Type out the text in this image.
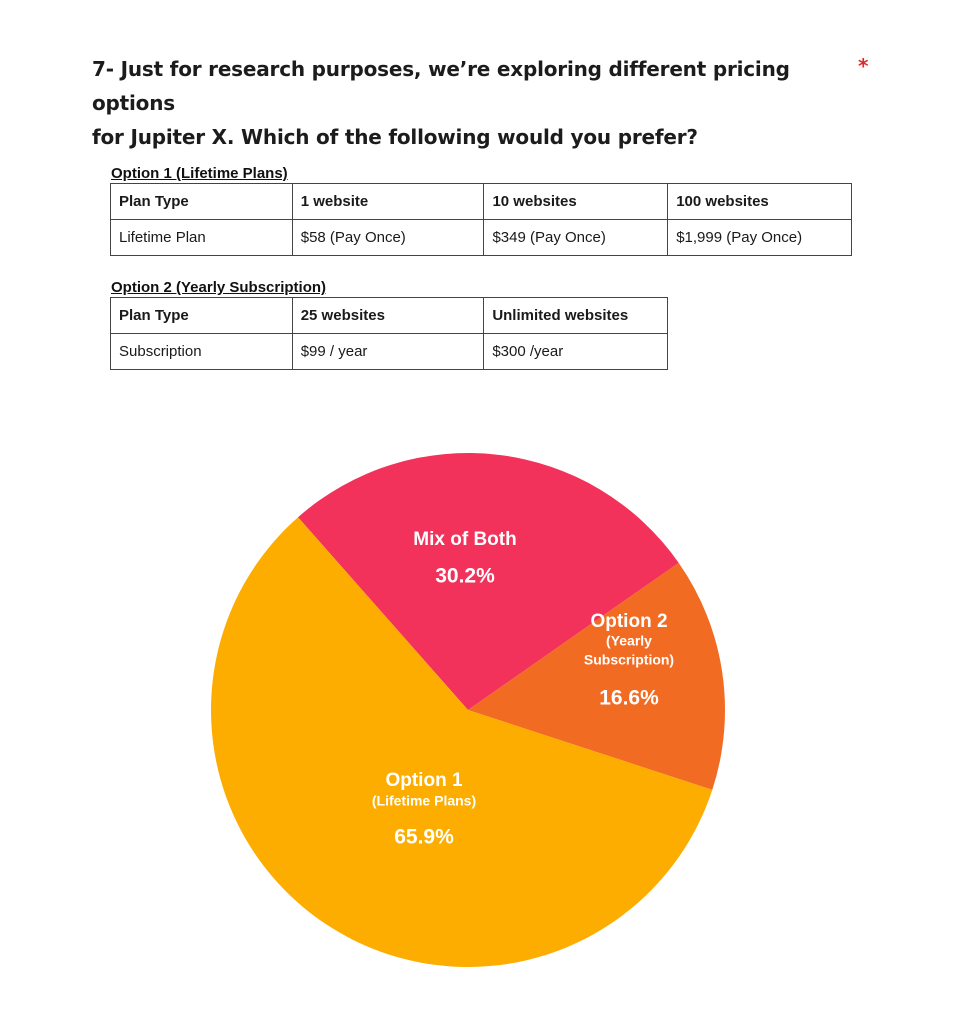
7- Just for research purposes, we’re exploring different pricing options
for Jupiter X. Which of the following would you prefer?
*
Option 1 (Lifetime Plans)
Plan Type	1 website	10 websites	100 websites
Lifetime Plan	$58 (Pay Once)	$349 (Pay Once)	$1,999 (Pay Once)
Option 2 (Yearly Subscription)
Plan Type	25 websites	Unlimited websites
Subscription	$99 / year	$300 /year
Mix of Both
30.2%
Option 2
(Yearly
Subscription)
16.6%
Option 1
(Lifetime Plans)
65.9%
